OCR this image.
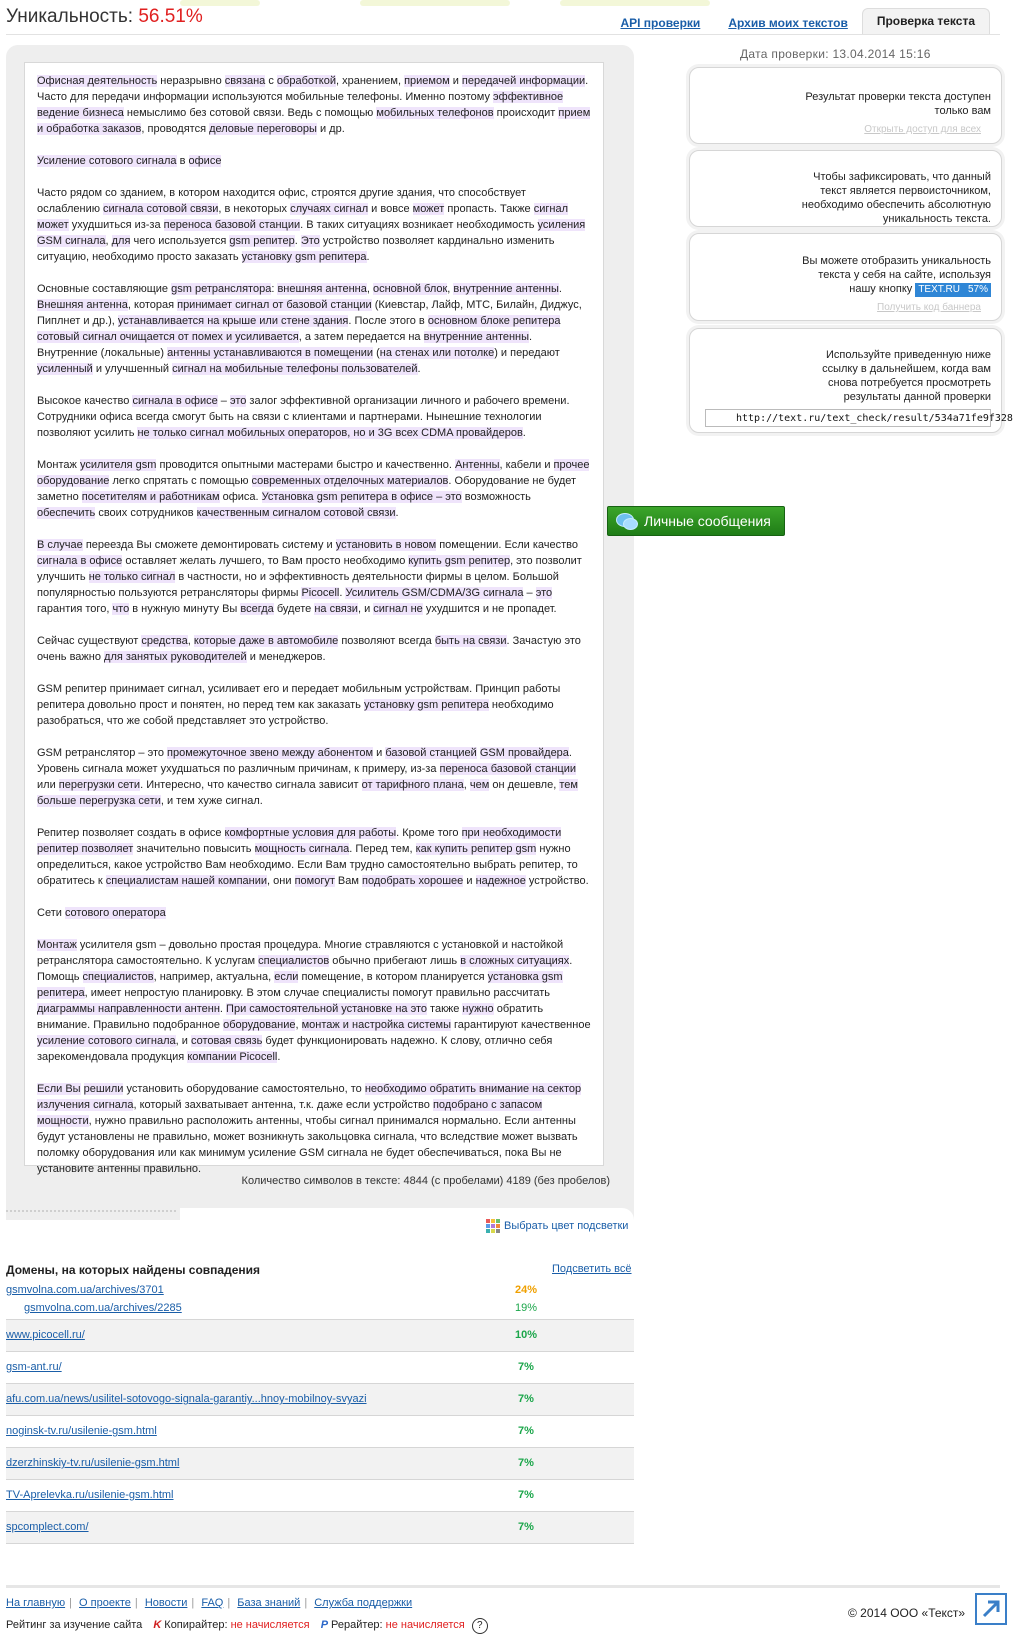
Уникальность: 56.51%	API проверки	Архив моих текстов	Проверка текста
Дата проверки: 13.04.2014 15:16

Офисная деятельность неразрывно связана с обработкой, хранением, приемом и передачей информации. Часто для передачи информации используются мобильные телефоны. Именно поэтому эффективное ведение бизнеса немыслимо без сотовой связи. Ведь с помощью мобильных телефонов происходит прием и обработка заказов, проводятся деловые переговоры и др.

Усиление сотового сигнала в офисе

Часто рядом со зданием, в котором находится офис, строятся другие здания, что способствует ослаблению сигнала сотовой связи, в некоторых случаях сигнал и вовсе может пропасть. Также сигнал может ухудшиться из-за переноса базовой станции. В таких ситуациях возникает необходимость усиления GSM сигнала, для чего используется gsm репитер. Это устройство позволяет кардинально изменить ситуацию, необходимо просто заказать установку gsm репитера.

Основные составляющие gsm ретранслятора: внешняя антенна, основной блок, внутренние антенны. Внешняя антенна, которая принимает сигнал от базовой станции (Киевстар, Лайф, МТС, Билайн, Диджус, Пиплнет и др.), устанавливается на крыше или стене здания. После этого в основном блоке репитера сотовый сигнал очищается от помех и усиливается, а затем передается на внутренние антенны. Внутренние (локальные) антенны устанавливаются в помещении (на стенах или потолке) и передают усиленный и улучшенный сигнал на мобильные телефоны пользователей.

Высокое качество сигнала в офисе – это залог эффективной организации личного и рабочего времени. Сотрудники офиса всегда смогут быть на связи с клиентами и партнерами. Нынешние технологии позволяют усилить не только сигнал мобильных операторов, но и 3G всех CDMA провайдеров.

Монтаж усилителя gsm проводится опытными мастерами быстро и качественно. Антенны, кабели и прочее оборудование легко спрятать с помощью современных отделочных материалов. Оборудование не будет заметно посетителям и работникам офиса. Установка gsm репитера в офисе – это возможность обеспечить своих сотрудников качественным сигналом сотовой связи.

В случае переезда Вы сможете демонтировать систему и установить в новом помещении. Если качество сигнала в офисе оставляет желать лучшего, то Вам просто необходимо купить gsm репитер, это позволит улучшить не только сигнал в частности, но и эффективность деятельности фирмы в целом. Большой популярностью пользуются ретрансляторы фирмы Picocell. Усилитель GSM/CDMA/3G сигнала – это гарантия того, что в нужную минуту Вы всегда будете на связи, и сигнал не ухудшится и не пропадет.

Сейчас существуют средства, которые даже в автомобиле позволяют всегда быть на связи. Зачастую это очень важно для занятых руководителей и менеджеров.

GSM репитер принимает сигнал, усиливает его и передает мобильным устройствам. Принцип работы репитера довольно прост и понятен, но перед тем как заказать установку gsm репитера необходимо разобраться, что же собой представляет это устройство.

GSM ретранслятор – это промежуточное звено между абонентом и базовой станцией GSM провайдера. Уровень сигнала может ухудшаться по различным причинам, к примеру, из-за переноса базовой станции или перегрузки сети. Интересно, что качество сигнала зависит от тарифного плана, чем он дешевле, тем больше перегрузка сети, и тем хуже сигнал.

Репитер позволяет создать в офисе комфортные условия для работы. Кроме того при необходимости репитер позволяет значительно повысить мощность сигнала. Перед тем, как купить репитер gsm нужно определиться, какое устройство Вам необходимо. Если Вам трудно самостоятельно выбрать репитер, то обратитесь к специалистам нашей компании, они помогут Вам подобрать хорошее и надежное устройство.

Сети сотового оператора

Монтаж усилителя gsm – довольно простая процедура. Многие стравляются с установкой и настойкой ретранслятора самостоятельно. К услугам специалистов обычно прибегают лишь в сложных ситуациях. Помощь специалистов, например, актуальна, если помещение, в котором планируется установка gsm репитера, имеет непростую планировку. В этом случае специалисты помогут правильно рассчитать диаграммы направленности антенн. При самостоятельной установке на это также нужно обратить внимание. Правильно подобранное оборудование, монтаж и настройка системы гарантируют качественное усиление сотового сигнала, и сотовая связь будет функционировать надежно. К слову, отлично себя зарекомендовала продукция компании Picocell.

Если Вы решили установить оборудование самостоятельно, то необходимо обратить внимание на сектор излучения сигнала, который захватывает антенна, т.к. даже если устройство подобрано с запасом мощности, нужно правильно расположить антенны, чтобы сигнал принимался нормально. Если антенны будут установлены не правильно, может возникнуть закольцовка сигнала, что вследствие может вызвать поломку оборудования или как минимум усиление GSM сигнала не будет обеспечиваться, пока Вы не установите антенны правильно.

Количество символов в тексте: 4844 (с пробелами) 4189 (без пробелов)
Результат проверки текста доступен только вам
Открыть доступ для всех
Чтобы зафиксировать, что данный текст является первоисточником, необходимо обеспечить абсолютную уникальность текста.
Вы можете отобразить уникальность текста у себя на сайте, используя нашу кнопку TEXT.RU 57%
Получить код баннера
Используйте приведенную ниже ссылку в дальнейшем, когда вам снова потребуется просмотреть результаты данной проверки
http://text.ru/text_check/result/534a71fe9f328
Личные сообщения
Выбрать цвет подсветки
Домены, на которых найдены совпадения	Подсветить всё
gsmvolna.com.ua/archives/3701	24%
gsmvolna.com.ua/archives/2285	19%
www.picocell.ru/	10%
gsm-ant.ru/	7%
afu.com.ua/news/usilitel-sotovogo-signala-garantiy...hnoy-mobilnoy-svyazi	7%
noginsk-tv.ru/usilenie-gsm.html	7%
dzerzhinskiy-tv.ru/usilenie-gsm.html	7%
TV-Aprelevka.ru/usilenie-gsm.html	7%
spcomplect.com/	7%
На главную | О проекте | Новости | FAQ | База знаний | Служба поддержки
Рейтинг за изучение сайта K Копирайтер: не начисляется P Рерайтер: не начисляется ?
© 2014 ООО «Текст»
